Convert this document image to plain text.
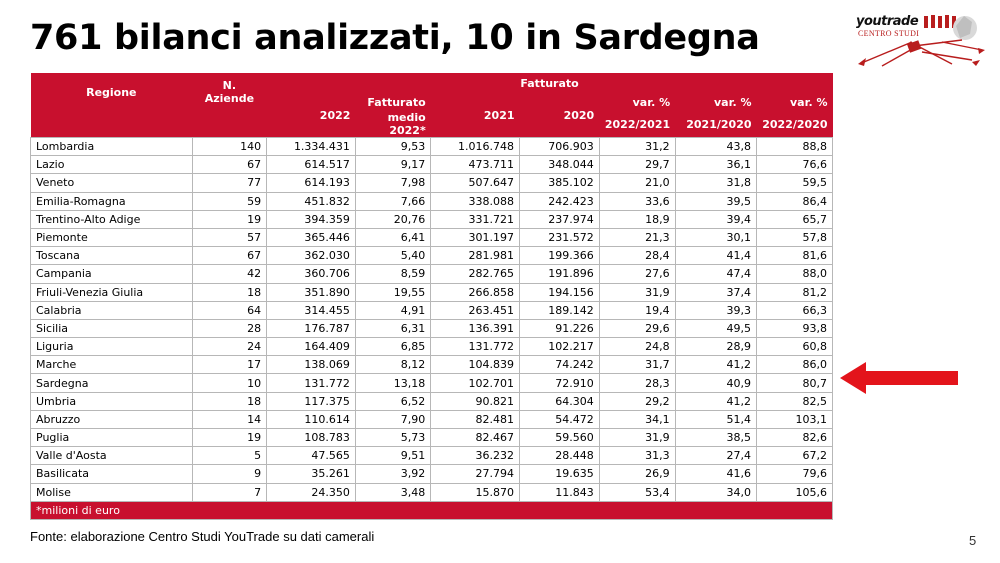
761 bilanci analizzati, 10 in Sardegna	youtrade
CENTRO STUDI
Regione	N. Aziende	Fatturato						
		2022	Fatturato	2021	2020	var. %	var. %	var. %
			medio 2022*			2022/2021	2021/2020	2022/2020
Lombardia	140	1.334.431	9,53	1.016.748	706.903	31,2	43,8	88,8
Lazio	67	614.517	9,17	473.711	348.044	29,7	36,1	76,6
Veneto	77	614.193	7,98	507.647	385.102	21,0	31,8	59,5
Emilia-Romagna	59	451.832	7,66	338.088	242.423	33,6	39,5	86,4
Trentino-Alto Adige	19	394.359	20,76	331.721	237.974	18,9	39,4	65,7
Piemonte	57	365.446	6,41	301.197	231.572	21,3	30,1	57,8
Toscana	67	362.030	5,40	281.981	199.366	28,4	41,4	81,6
Campania	42	360.706	8,59	282.765	191.896	27,6	47,4	88,0
Friuli-Venezia Giulia	18	351.890	19,55	266.858	194.156	31,9	37,4	81,2
Calabria	64	314.455	4,91	263.451	189.142	19,4	39,3	66,3
Sicilia	28	176.787	6,31	136.391	91.226	29,6	49,5	93,8
Liguria	24	164.409	6,85	131.772	102.217	24,8	28,9	60,8
Marche	17	138.069	8,12	104.839	74.242	31,7	41,2	86,0
Sardegna	10	131.772	13,18	102.701	72.910	28,3	40,9	80,7
Umbria	18	117.375	6,52	90.821	64.304	29,2	41,2	82,5
Abruzzo	14	110.614	7,90	82.481	54.472	34,1	51,4	103,1
Puglia	19	108.783	5,73	82.467	59.560	31,9	38,5	82,6
Valle d'Aosta	5	47.565	9,51	36.232	28.448	31,3	27,4	67,2
Basilicata	9	35.261	3,92	27.794	19.635	26,9	41,6	79,6
Molise	7	24.350	3,48	15.870	11.843	53,4	34,0	105,6
*milioni di euro								
Fonte: elaborazione Centro Studi YouTrade su dati camerali	5
